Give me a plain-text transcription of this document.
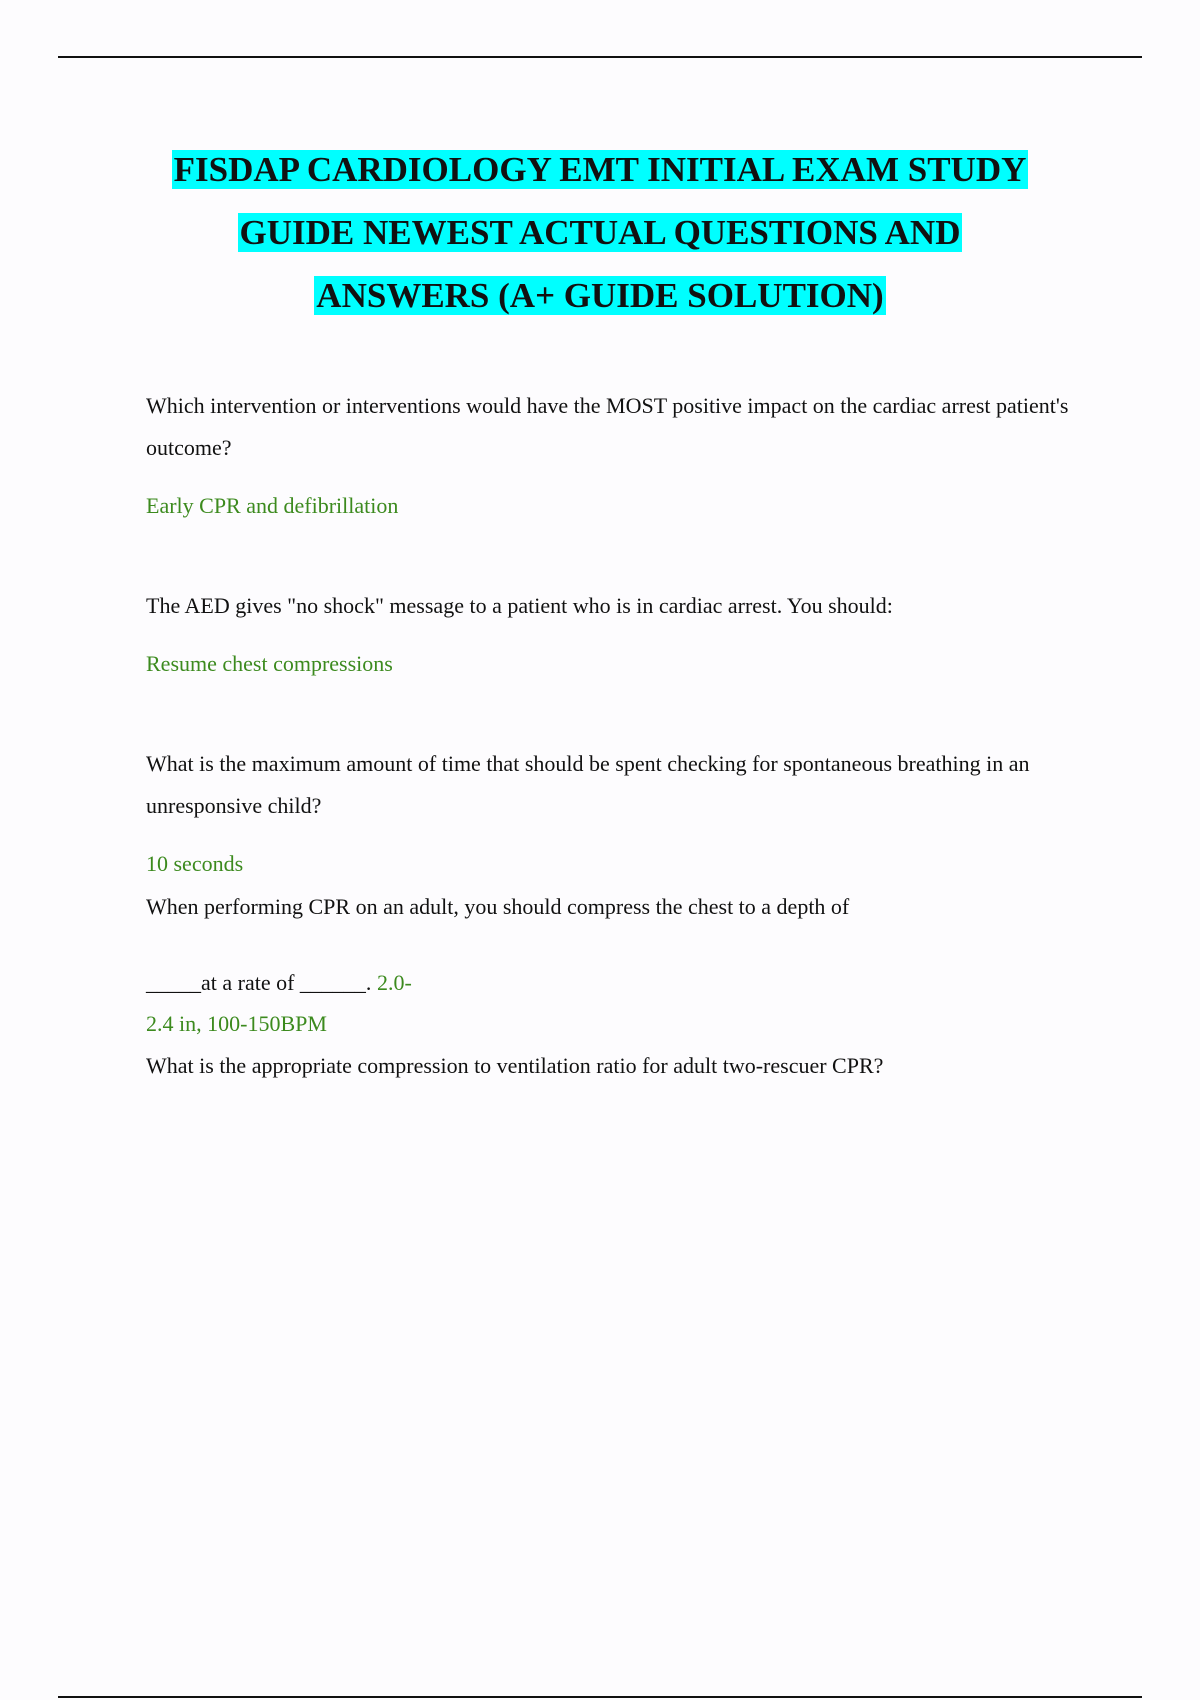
FISDAP CARDIOLOGY EMT INITIAL EXAM STUDY
GUIDE NEWEST ACTUAL QUESTIONS AND
ANSWERS (A+ GUIDE SOLUTION)

Which intervention or interventions would have the MOST positive impact on the cardiac arrest patient's outcome?

Early CPR and defibrillation

The AED gives "no shock" message to a patient who is in cardiac arrest. You should:

Resume chest compressions

What is the maximum amount of time that should be spent checking for spontaneous breathing in an unresponsive child?

10 seconds

When performing CPR on an adult, you should compress the chest to a depth of

_____at a rate of ______. 2.0-

2.4 in, 100-150BPM

What is the appropriate compression to ventilation ratio for adult two-rescuer CPR?
